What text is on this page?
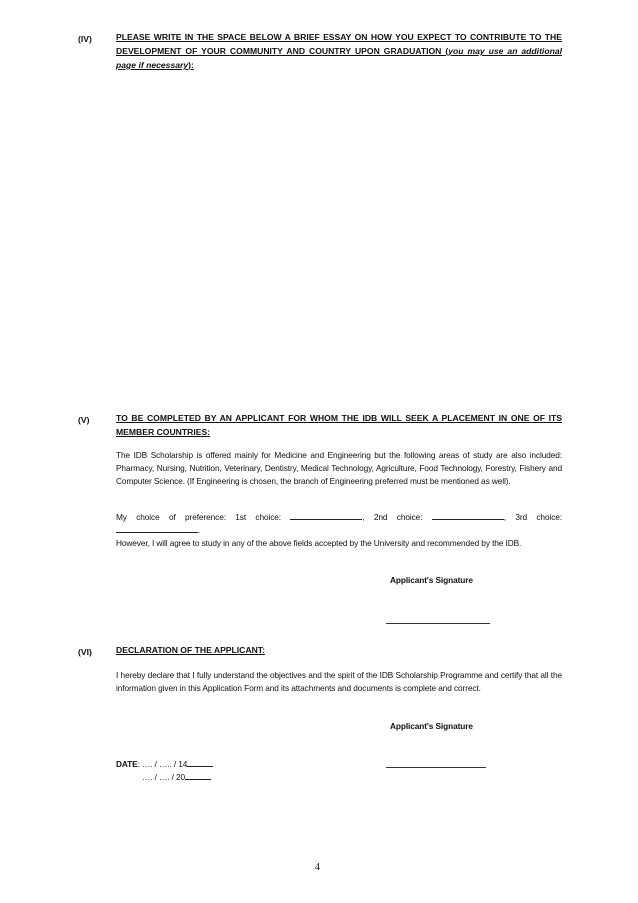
(IV)	PLEASE WRITE IN THE SPACE BELOW A BRIEF ESSAY ON HOW YOU EXPECT TO CONTRIBUTE TO THE DEVELOPMENT OF YOUR COMMUNITY AND COUNTRY UPON GRADUATION (you may use an additional page if necessary):
(V)	TO BE COMPLETED BY AN APPLICANT FOR WHOM THE IDB WILL SEEK A PLACEMENT IN ONE OF ITS MEMBER COUNTRIES:
The IDB Scholarship is offered mainly for Medicine and Engineering but the following areas of study are also included: Pharmacy, Nursing, Nutrition, Veterinary, Dentistry, Medical Technology, Agriculture, Food Technology, Forestry, Fishery and Computer Science. (If Engineering is chosen, the branch of Engineering preferred must be mentioned as well).
My choice of preference: 1st choice:	, 2nd choice:	, 3rd choice: .
However, I will agree to study in any of the above fields accepted by the University and recommended by the IDB.
Applicant's Signature
(VI)	DECLARATION OF THE APPLICANT:
I hereby declare that I fully understand the objectives and the spirit of the IDB Scholarship Programme and certify that all the information given in this Application Form and its attachments and documents is complete and correct.
Applicant's Signature
DATE: …. / ….. / 14
…. / …. / 20
4
